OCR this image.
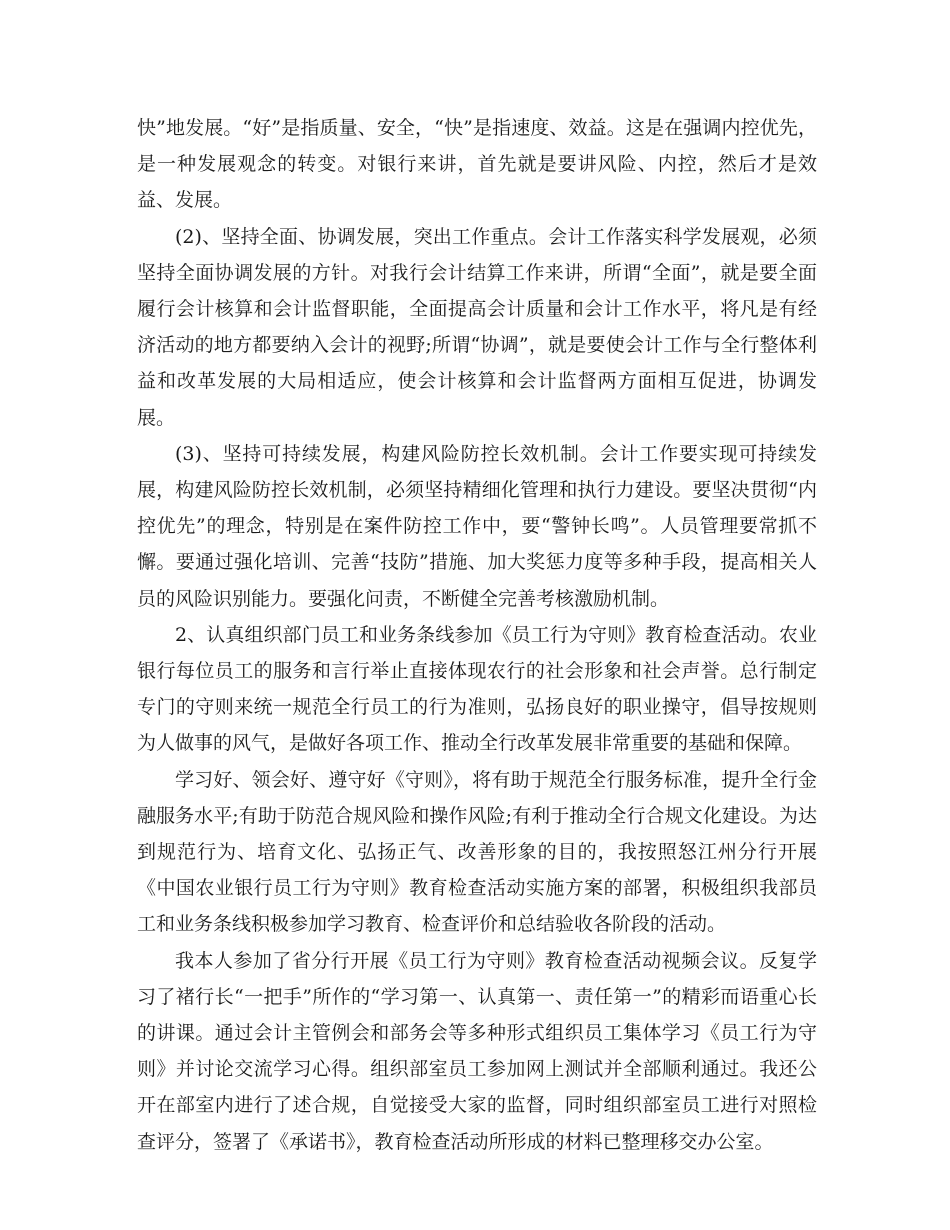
快”地发展。“好”是指质量、安全，“快”是指速度、效益。这是在强调内控优先，是一种发展观念的转变。对银行来讲，首先就是要讲风险、内控，然后才是效益、发展。

(2)、坚持全面、协调发展，突出工作重点。会计工作落实科学发展观，必须坚持全面协调发展的方针。对我行会计结算工作来讲，所谓“全面”，就是要全面履行会计核算和会计监督职能，全面提高会计质量和会计工作水平，将凡是有经济活动的地方都要纳入会计的视野;所谓“协调”，就是要使会计工作与全行整体利益和改革发展的大局相适应，使会计核算和会计监督两方面相互促进，协调发展。

(3)、坚持可持续发展，构建风险防控长效机制。会计工作要实现可持续发展，构建风险防控长效机制，必须坚持精细化管理和执行力建设。要坚决贯彻“内控优先”的理念，特别是在案件防控工作中，要“警钟长鸣”。人员管理要常抓不懈。要通过强化培训、完善“技防”措施、加大奖惩力度等多种手段，提高相关人员的风险识别能力。要强化问责，不断健全完善考核激励机制。

2、认真组织部门员工和业务条线参加《员工行为守则》教育检查活动。农业银行每位员工的服务和言行举止直接体现农行的社会形象和社会声誉。总行制定专门的守则来统一规范全行员工的行为准则，弘扬良好的职业操守，倡导按规则为人做事的风气，是做好各项工作、推动全行改革发展非常重要的基础和保障。

学习好、领会好、遵守好《守则》，将有助于规范全行服务标准，提升全行金融服务水平;有助于防范合规风险和操作风险;有利于推动全行合规文化建设。为达到规范行为、培育文化、弘扬正气、改善形象的目的，我按照怒江州分行开展《中国农业银行员工行为守则》教育检查活动实施方案的部署，积极组织我部员工和业务条线积极参加学习教育、检查评价和总结验收各阶段的活动。

我本人参加了省分行开展《员工行为守则》教育检查活动视频会议。反复学习了褚行长“一把手”所作的“学习第一、认真第一、责任第一”的精彩而语重心长的讲课。通过会计主管例会和部务会等多种形式组织员工集体学习《员工行为守则》并讨论交流学习心得。组织部室员工参加网上测试并全部顺利通过。我还公开在部室内进行了述合规，自觉接受大家的监督，同时组织部室员工进行对照检查评分，签署了《承诺书》，教育检查活动所形成的材料已整理移交办公室。
